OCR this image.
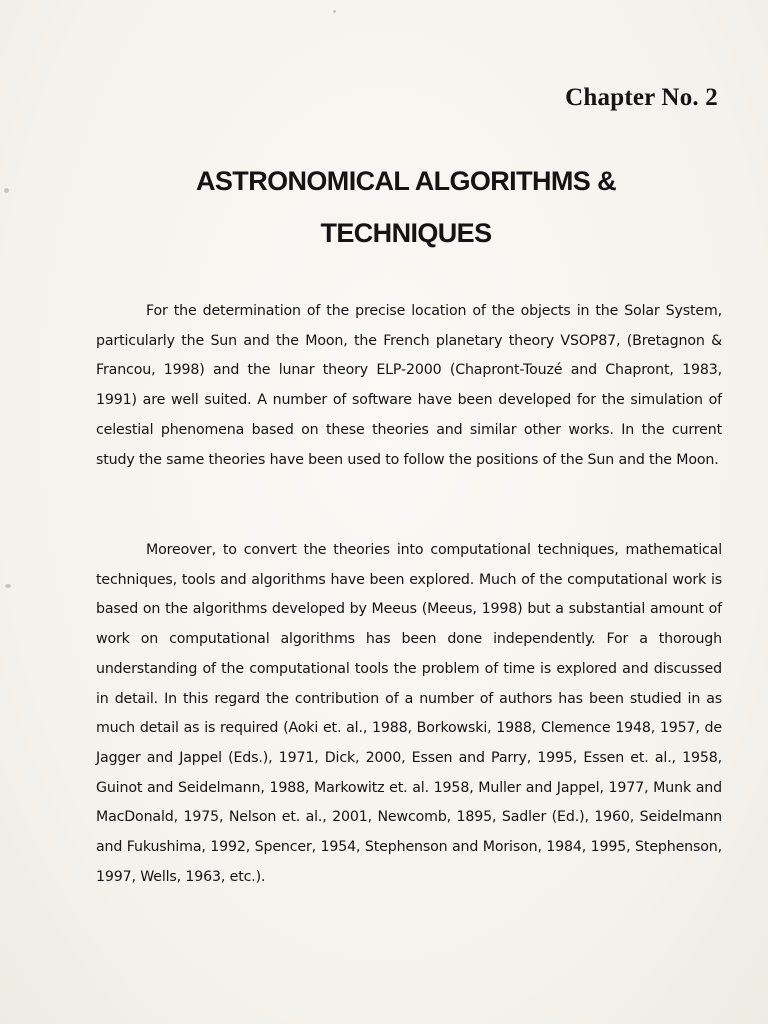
Chapter No. 2
ASTRONOMICAL ALGORITHMS &
TECHNIQUES

For the determination of the precise location of the objects in the Solar System, particularly the Sun and the Moon, the French planetary theory VSOP87, (Bretagnon & Francou, 1998) and the lunar theory ELP-2000 (Chapront-Touzé and Chapront, 1983, 1991) are well suited. A number of software have been developed for the simulation of celestial phenomena based on these theories and similar other works. In the current study the same theories have been used to follow the positions of the Sun and the Moon.

Moreover, to convert the theories into computational techniques, mathematical techniques, tools and algorithms have been explored. Much of the computational work is based on the algorithms developed by Meeus (Meeus, 1998) but a substantial amount of work on computational algorithms has been done independently. For a thorough understanding of the computational tools the problem of time is explored and discussed in detail. In this regard the contribution of a number of authors has been studied in as much detail as is required (Aoki et. al., 1988, Borkowski, 1988, Clemence 1948, 1957, de Jagger and Jappel (Eds.), 1971, Dick, 2000, Essen and Parry, 1995, Essen et. al., 1958, Guinot and Seidelmann, 1988, Markowitz et. al. 1958, Muller and Jappel, 1977, Munk and MacDonald, 1975, Nelson et. al., 2001, Newcomb, 1895, Sadler (Ed.), 1960, Seidelmann and Fukushima, 1992, Spencer, 1954, Stephenson and Morison, 1984, 1995, Stephenson, 1997, Wells, 1963, etc.).
